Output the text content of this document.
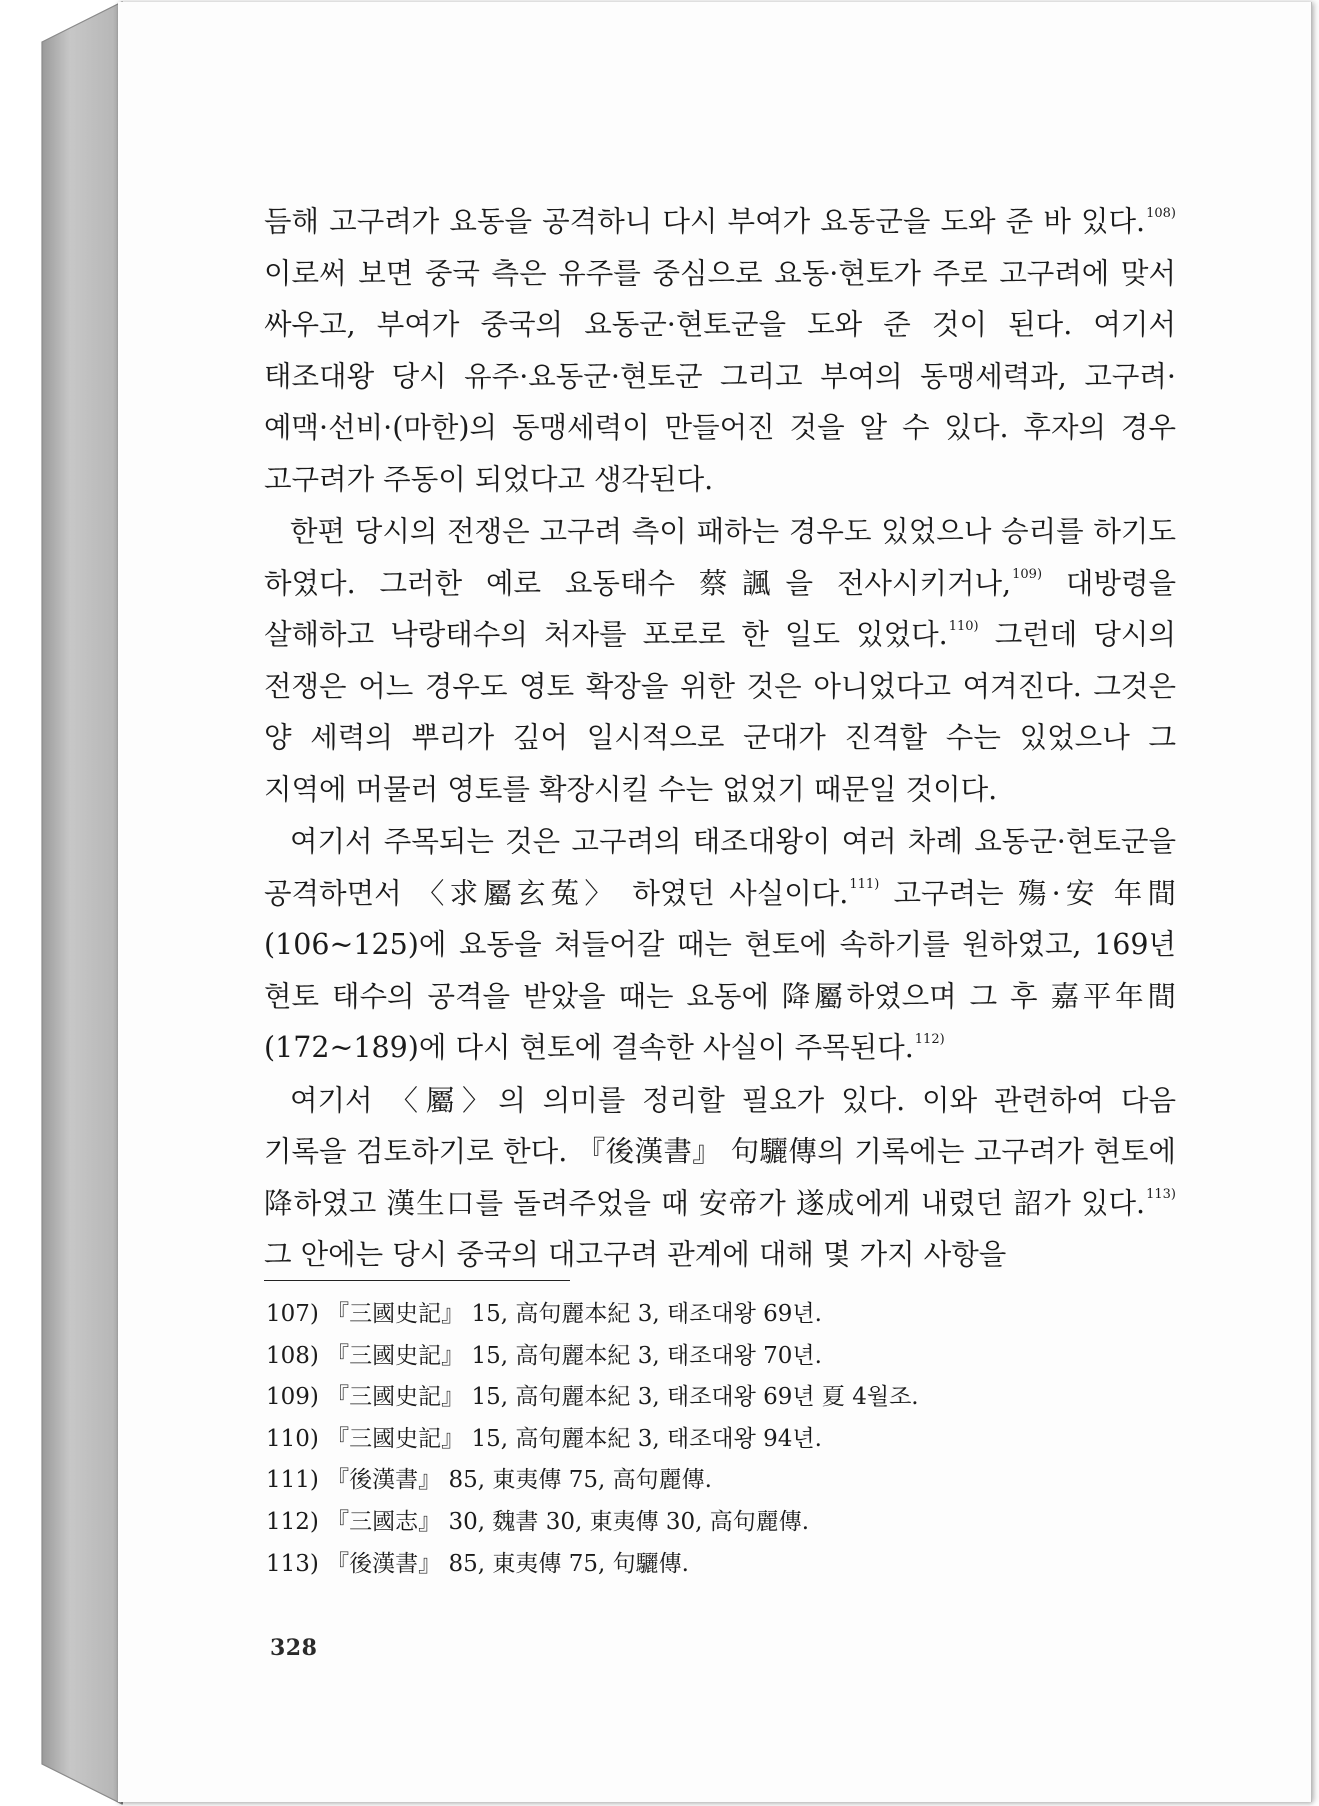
듬해 고구려가 요동을 공격하니 다시 부여가 요동군을 도와 준 바 있다.$^{108)}$ 이로써 보면 중국 측은 유주를 중심으로 요동·현토가 주로 고구려에 맞서 싸우고, 부여가 중국의 요동군·현토군을 도와 준 것이 된다. 여기서 태조대왕 당시 유주·요동군·현토군 그리고 부여의 동맹세력과, 고구려·예맥·선비·(마한)의 동맹세력이 만들어진 것을 알 수 있다. 후자의 경우 고구려가 주동이 되었다고 생각된다.

한편 당시의 전쟁은 고구려 측이 패하는 경우도 있었으나 승리를 하기도 하였다. 그러한 예로 요동태수 蔡諷을 전사시키거나,$^{109)}$ 대방령을 살해하고 낙랑태수의 처자를 포로로 한 일도 있었다.$^{110)}$ 그런데 당시의 전쟁은 어느 경우도 영토 확장을 위한 것은 아니었다고 여겨진다. 그것은 양 세력의 뿌리가 깊어 일시적으로 군대가 진격할 수는 있었으나 그 지역에 머물러 영토를 확장시킬 수는 없었기 때문일 것이다.

여기서 주목되는 것은 고구려의 태조대왕이 여러 차례 요동군·현토군을 공격하면서 〈求屬玄菟〉 하였던 사실이다.$^{111)}$ 고구려는 殤·安 年間(106~125)에 요동을 쳐들어갈 때는 현토에 속하기를 원하였고, 169년 현토 태수의 공격을 받았을 때는 요동에 降屬하였으며 그 후 嘉平年間(172~189)에 다시 현토에 결속한 사실이 주목된다.$^{112)}$

여기서 〈屬〉의 의미를 정리할 필요가 있다. 이와 관련하여 다음 기록을 검토하기로 한다. 『後漢書』 句驪傳의 기록에는 고구려가 현토에 降하였고 漢生口를 돌려주었을 때 安帝가 遂成에게 내렸던 詔가 있다.$^{113)}$ 그 안에는 당시 중국의 대고구려 관계에 대해 몇 가지 사항을

107) 『三國史記』 15, 高句麗本紀 3, 태조대왕 69년.
108) 『三國史記』 15, 高句麗本紀 3, 태조대왕 70년.
109) 『三國史記』 15, 高句麗本紀 3, 태조대왕 69년 夏 4월조.
110) 『三國史記』 15, 高句麗本紀 3, 태조대왕 94년.
111) 『後漢書』 85, 東夷傳 75, 高句麗傳.
112) 『三國志』 30, 魏書 30, 東夷傳 30, 高句麗傳.
113) 『後漢書』 85, 東夷傳 75, 句驪傳.
328
